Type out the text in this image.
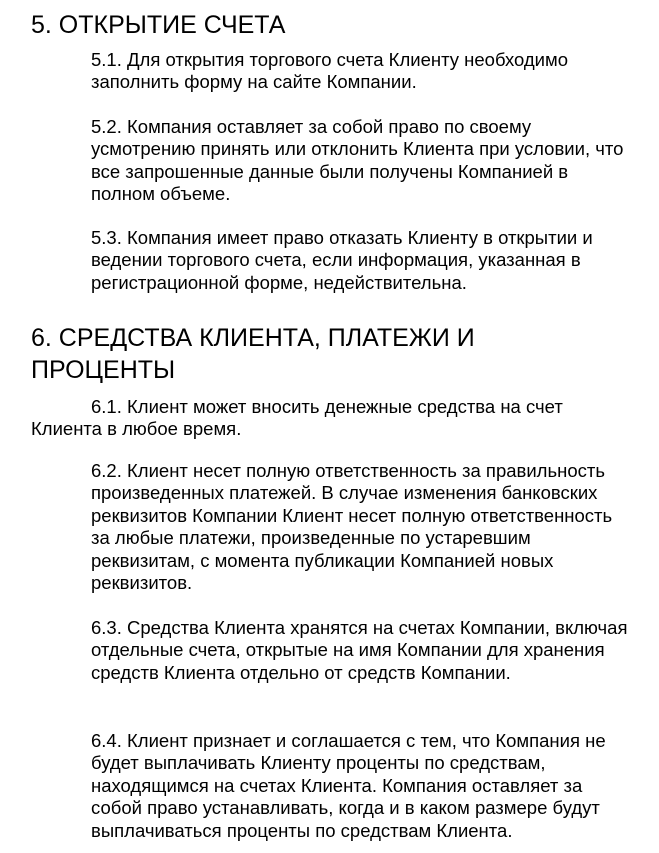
5. ОТКРЫТИЕ СЧЕТА

5.1. Для открытия торгового счета Клиенту необходимо заполнить форму на сайте Компании.

5.2. Компания оставляет за собой право по своему усмотрению принять или отклонить Клиента при условии, что все запрошенные данные были получены Компанией в полном объеме.

5.3. Компания имеет право отказать Клиенту в открытии и ведении торгового счета, если информация, указанная в регистрационной форме, недействительна.

6. СРЕДСТВА КЛИЕНТА, ПЛАТЕЖИ И ПРОЦЕНТЫ

6.1. Клиент может вносить денежные средства на счет Клиента в любое время.

6.2. Клиент несет полную ответственность за правильность произведенных платежей. В случае изменения банковских реквизитов Компании Клиент несет полную ответственность за любые платежи, произведенные по устаревшим реквизитам, с момента публикации Компанией новых реквизитов.

6.3. Средства Клиента хранятся на счетах Компании, включая отдельные счета, открытые на имя Компании для хранения средств Клиента отдельно от средств Компании.

6.4. Клиент признает и соглашается с тем, что Компания не будет выплачивать Клиенту проценты по средствам, находящимся на счетах Клиента. Компания оставляет за собой право устанавливать, когда и в каком размере будут выплачиваться проценты по средствам Клиента.
